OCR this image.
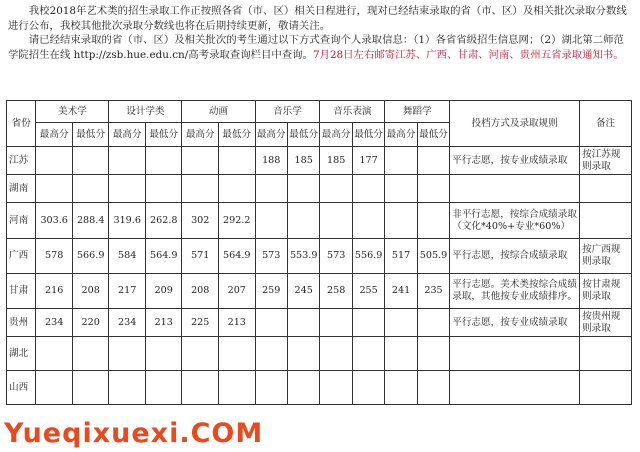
我校2018年艺术类的招生录取工作正按照各省（市、区）相关日程进行，现对已经结束录取的省（市、区）及相关批次录取分数线进行公布，我校其他批次录取分数线也将在后期持续更新，敬请关注。

请已经结束录取的省（市、区）及相关批次的考生通过以下方式查询个人录取信息：（1）各省省级招生信息网；（2）湖北第二师范学院招生在线 http://zsb.hue.edu.cn/高考录取查询栏目中查询。7月28日左右邮寄江苏、广西、甘肃、河南、贵州五省录取通知书。

省份	美术学		设计学类		动画		音乐学		音乐表演		舞蹈学		投档方式及录取规则	备注
	最高分	最低分	最高分	最低分	最高分	最低分	最高分	最低分	最高分	最低分	最高分	最低分		
江苏							188	185	185	177			平行志愿，按专业成绩录取	按江苏规则录取
湖南														
河南	303.6	288.4	319.6	262.8	302	292.2							非平行志愿，按综合成绩录取（文化*40%+专业*60%）	
广西	578	566.9	584	564.9	571	564.9	573	553.9	573	556.9	517	505.9	平行志愿，按综合成绩录取	按广西规则录取
甘肃	216	208	217	209	208	207	259	245	258	255	241	235	平行志愿。美术类按综合成绩录取，其他按专业成绩排序。	按甘肃规则录取
贵州	234	220	234	213	225	213							平行志愿，按专业成绩录取	按贵州规则录取
湖北														
山西														
Yueqixuexi.COM
